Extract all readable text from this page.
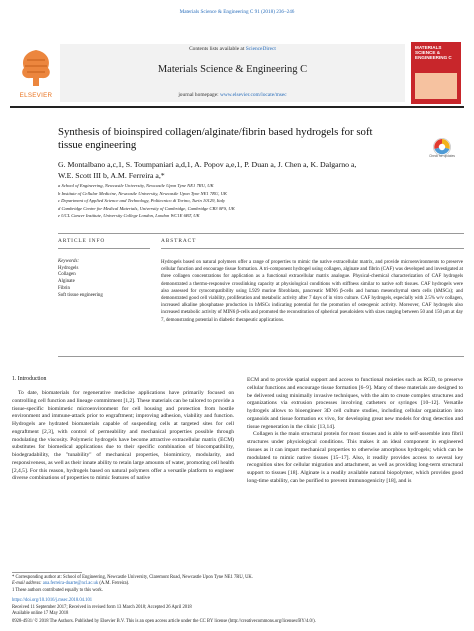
Materials Science & Engineering C 91 (2018) 236–246
ELSEVIER
Contents lists available at ScienceDirect
Materials Science & Engineering C
journal homepage: www.elsevier.com/locate/msec
MATERIALS SCIENCE & ENGINEERING C
Synthesis of bioinspired collagen/alginate/fibrin based hydrogels for soft tissue engineering
Check for updates
G. Montalbano a,c,1, S. Toumpaniari a,d,1, A. Popov a,e,1, P. Duan a, J. Chen a, K. Dalgarno a,
W.E. Scott III b, A.M. Ferreira a,*
a School of Engineering, Newcastle University, Newcastle Upon Tyne NE1 7RU, UK
b Institute of Cellular Medicine, Newcastle University, Newcastle Upon Tyne NE1 7RU, UK
c Department of Applied Science and Technology, Politecnico di Torino, Turin 10129, Italy
d Cambridge Centre for Medical Materials, University of Cambridge, Cambridge CB3 0FS, UK
e UCL Cancer Institute, University College London, London WC1E 6BT, UK
ARTICLE INFO	ABSTRACT
Keywords:
Hydrogels
Collagen
Alginate
Fibrin
Soft tissue engineering
Hydrogels based on natural polymers offer a range of properties to mimic the native extracellular matrix, and provide microenvironments to preserve cellular function and encourage tissue formation. A tri-component hydrogel using collagen, alginate and fibrin (CAF) was developed and investigated at three collagen concentrations for application as a functional extracellular matrix analogue. Physical-chemical characterization of CAF hydrogels demonstrated a thermo-responsive crosslinking capacity at physiological conditions with stiffness similar to native soft tissues. CAF hydrogels were also assessed for cytocompatibility using L929 murine fibroblasts, pancreatic MIN6 β-cells and human mesenchymal stem cells (hMSCs); and demonstrated good cell viability, proliferation and metabolic activity after 7 days of in vitro culture. CAF hydrogels, especially with 2.5% w/v collagen, increased alkaline phosphatase production in hMSCs indicating potential for the promotion of osteogenic activity. Moreover, CAF hydrogels also increased metabolic activity of MIN6 β-cells and promoted the reconstitution of spherical pseudoislets with sizes ranging between 50 and 150 μm at day 7, demonstrating potential in diabetic therapeutic applications.
1. Introduction

To date, biomaterials for regenerative medicine applications have primarily focused on controlling cell function and lineage commitment [1,2]. These materials can be tailored to provide a tissue-specific biomimetic microenvironment for cell housing and protection from hostile environment and immune-attack prior to engraftment; improving adhesion, viability and function. Hydrogels are hydrated biomaterials capable of suspending cells at targeted sites for cell engraftment [2,3], with control of permeability and mechanical properties possible through modulating the viscosity. Polymeric hydrogels have become attractive extracellular matrix (ECM) substitutes for biomedical applications due to their specific combination of biocompatibility, biodegradability, the "tunability" of mechanical properties, biomimicry, modularity, and responsiveness, as well as their innate ability to retain large amounts of water, promoting cell health [2,4,5]. For this reason, hydrogels based on natural polymers offer a versatile platform to engineer diverse combinations of properties to mimic features of native

ECM and to provide spatial support and access to functional moieties such as RGD, to preserve cellular functions and encourage tissue formation [6–9]. Many of these materials are designed to be delivered using minimally invasive techniques, with the aim to create complex structures and organizations via extrusion processes involving catheters or syringes [10–12]. Versatile hydrogels allows to bioengineer 3D cell culture studies, including cellular organization into organoids and tissue formation ex vivo, for developing great new models for drug detection and tissue regeneration in the clinic [13,14].

Collagen is the main structural protein for most tissues and is able to self-assemble into fibril structures under physiological conditions. This makes it an ideal component in engineered tissues as it can impart mechanical properties to otherwise amorphous hydrogels; which can be modulated to mimic native tissues [15–17]. Also, it readily provides access to several key recognition sites for cellular migration and attachment, as well as providing long-term structural support to tissues [18]. Alginate is a readily available natural biopolymer, which provides good long-time stability, can be purified to prevent immunogenicity [18], and is

* Corresponding author at: School of Engineering, Newcastle University, Claremont Road, Newcastle Upon Tyne NE1 7RU, UK.
E-mail address: ana.ferreira-duarte@ncl.ac.uk (A.M. Ferreira).
1 These authors contributed equally to this work.
https://doi.org/10.1016/j.msec.2018.04.101
Received 11 September 2017; Received in revised form 13 March 2018; Accepted 26 April 2018
Available online 17 May 2018
0928-4931/ © 2018 The Authors. Published by Elsevier B.V. This is an open access article under the CC BY license (http://creativecommons.org/licenses/BY/4.0/).
